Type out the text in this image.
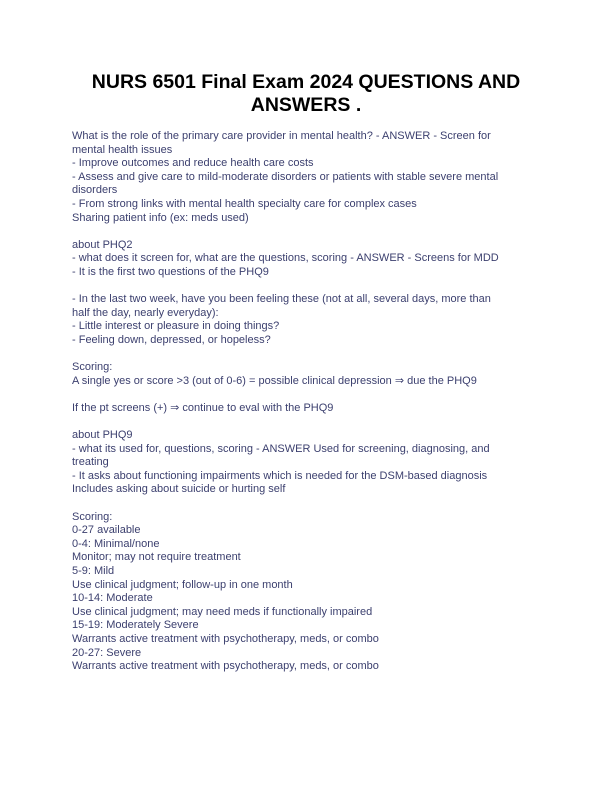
NURS 6501 Final Exam 2024 QUESTIONS AND
ANSWERS .
What is the role of the primary care provider in mental health? - ANSWER - Screen for
mental health issues
- Improve outcomes and reduce health care costs
- Assess and give care to mild-moderate disorders or patients with stable severe mental
disorders
- From strong links with mental health specialty care for complex cases
Sharing patient info (ex: meds used)
about PHQ2
- what does it screen for, what are the questions, scoring - ANSWER - Screens for MDD
- It is the first two questions of the PHQ9
- In the last two week, have you been feeling these (not at all, several days, more than
half the day, nearly everyday):
- Little interest or pleasure in doing things?
- Feeling down, depressed, or hopeless?
Scoring:
A single yes or score >3 (out of 0-6) = possible clinical depression ⇒ due the PHQ9
If the pt screens (+) ⇒ continue to eval with the PHQ9
about PHQ9
- what its used for, questions, scoring - ANSWER Used for screening, diagnosing, and
treating
- It asks about functioning impairments which is needed for the DSM-based diagnosis
Includes asking about suicide or hurting self
Scoring:
0-27 available
0-4: Minimal/none
Monitor; may not require treatment
5-9: Mild
Use clinical judgment; follow-up in one month
10-14: Moderate
Use clinical judgment; may need meds if functionally impaired
15-19: Moderately Severe
Warrants active treatment with psychotherapy, meds, or combo
20-27: Severe
Warrants active treatment with psychotherapy, meds, or combo
